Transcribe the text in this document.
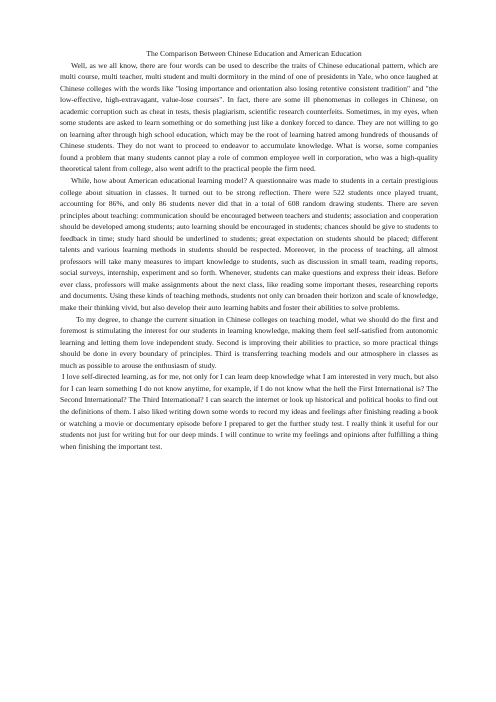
The Comparison Between Chinese Education and American Education

Well, as we all know, there are four words can be used to describe the traits of Chinese educational pattern, which are multi course, multi teacher, multi student and multi dormitory in the mind of one of presidents in Yale, who once laughed at Chinese colleges with the words like "losing importance and orientation also losing retentive consistent tradition" and "the low-effective, high-extravagant, value-lose courses". In fact, there are some ill phenomenas in colleges in Chinese, on academic corruption such as cheat in tests, thesis plagiarism, scientific research counterfeits. Sometimes, in my eyes, when some students are asked to learn something or do something just like a donkey forced to dance. They are not willing to go on learning after through high school education, which may be the root of learning hatred among hundreds of thousands of Chinese students. They do not want to proceed to endeavor to accumulate knowledge. What is worse, some companies found a problem that many students cannot play a role of common employee well in corporation, who was a high-quality theoretical talent from college, also went adrift to the practical people the firm need.

While, how about American educational learning model? A questionnaire was made to students in a certain prestigious college about situation in classes. It turned out to be strong reflection. There were 522 students once played truant, accounting for 86%, and only 86 students never did that in a total of 608 random drawing students. There are seven principles about teaching: communication should be encouraged between teachers and students; association and cooperation should be developed among students; auto learning should be encouraged in students; chances should be give to students to feedback in time; study hard should be underlined to students; great expectation on students should be placed; different talents and various learning methods in students should be respected. Moreover, in the process of teaching, all almost professors will take many measures to impart knowledge to students, such as discussion in small team, reading reports, social surveys, internship, experiment and so forth. Whenever, students can make questions and express their ideas. Before ever class, professors will make assignments about the next class, like reading some important theses, researching reports and documents. Using these kinds of teaching methods, students not only can broaden their horizon and scale of knowledge, make their thinking vivid, but also develop their auto learning habits and foster their abilities to solve problems.

To my degree, to change the current situation in Chinese colleges on teaching model, what we should do the first and foremost is stimulating the interest for our students in learning knowledge, making them feel self-satisfied from autonomic learning and letting them love independent study. Second is improving their abilities to practice, so more practical things should be done in every boundary of principles. Third is transferring teaching models and our atmosphere in classes as much as possible to arouse the enthusiasm of study.

I love self-directed learning, as for me, not only for I can learn deep knowledge what I am interested in very much, but also for I can learn something I do not know anytime, for example, if I do not know what the hell the First International is? The Second International? The Third International? I can search the internet or look up historical and political books to find out the definitions of them. I also liked writing down some words to record my ideas and feelings after finishing reading a book or watching a movie or documentary episode before I prepared to get the further study test. I really think it useful for our students not just for writing but for our deep minds. I will continue to write my feelings and opinions after fulfilling a thing when finishing the important test.
